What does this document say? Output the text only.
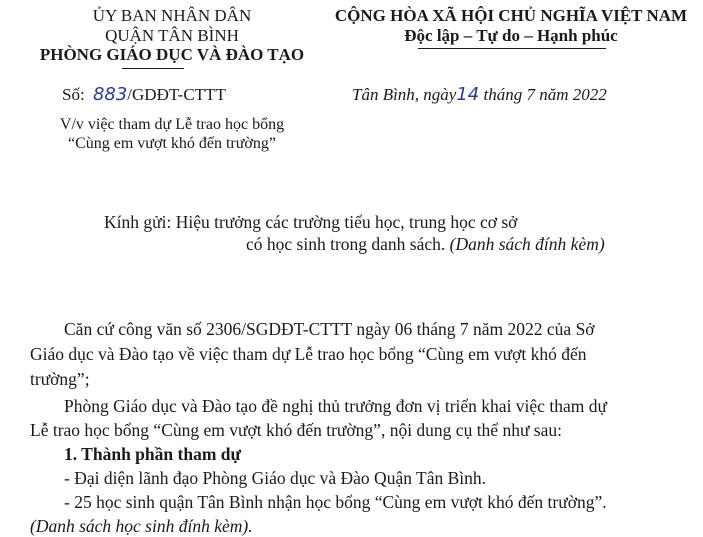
ỦY BAN NHÂN DÂN
QUẬN TÂN BÌNH
PHÒNG GIÁO DỤC VÀ ĐÀO TẠO
CỘNG HÒA XÃ HỘI CHỦ NGHĨA VIỆT NAM
Độc lập – Tự do – Hạnh phúc
Số: 883/GDĐT-CTTT	Tân Bình, ngày14 tháng 7 năm 2022
V/v việc tham dự Lễ trao học bổng
“Cùng em vượt khó đến trường”
Kính gửi: Hiệu trưởng các trường tiểu học, trung học cơ sở
có học sinh trong danh sách. (Danh sách đính kèm)
Căn cứ công văn số 2306/SGDĐT-CTTT ngày 06 tháng 7 năm 2022 của Sở
Giáo dục và Đào tạo về việc tham dự Lễ trao học bổng “Cùng em vượt khó đến
trường”;
Phòng Giáo dục và Đào tạo đề nghị thủ trưởng đơn vị triển khai việc tham dự
Lễ trao học bổng “Cùng em vượt khó đến trường”, nội dung cụ thể như sau:
1. Thành phần tham dự
- Đại diện lãnh đạo Phòng Giáo dục và Đào Quận Tân Bình.
- 25 học sinh quận Tân Bình nhận học bổng “Cùng em vượt khó đến trường”.
(Danh sách học sinh đính kèm).
